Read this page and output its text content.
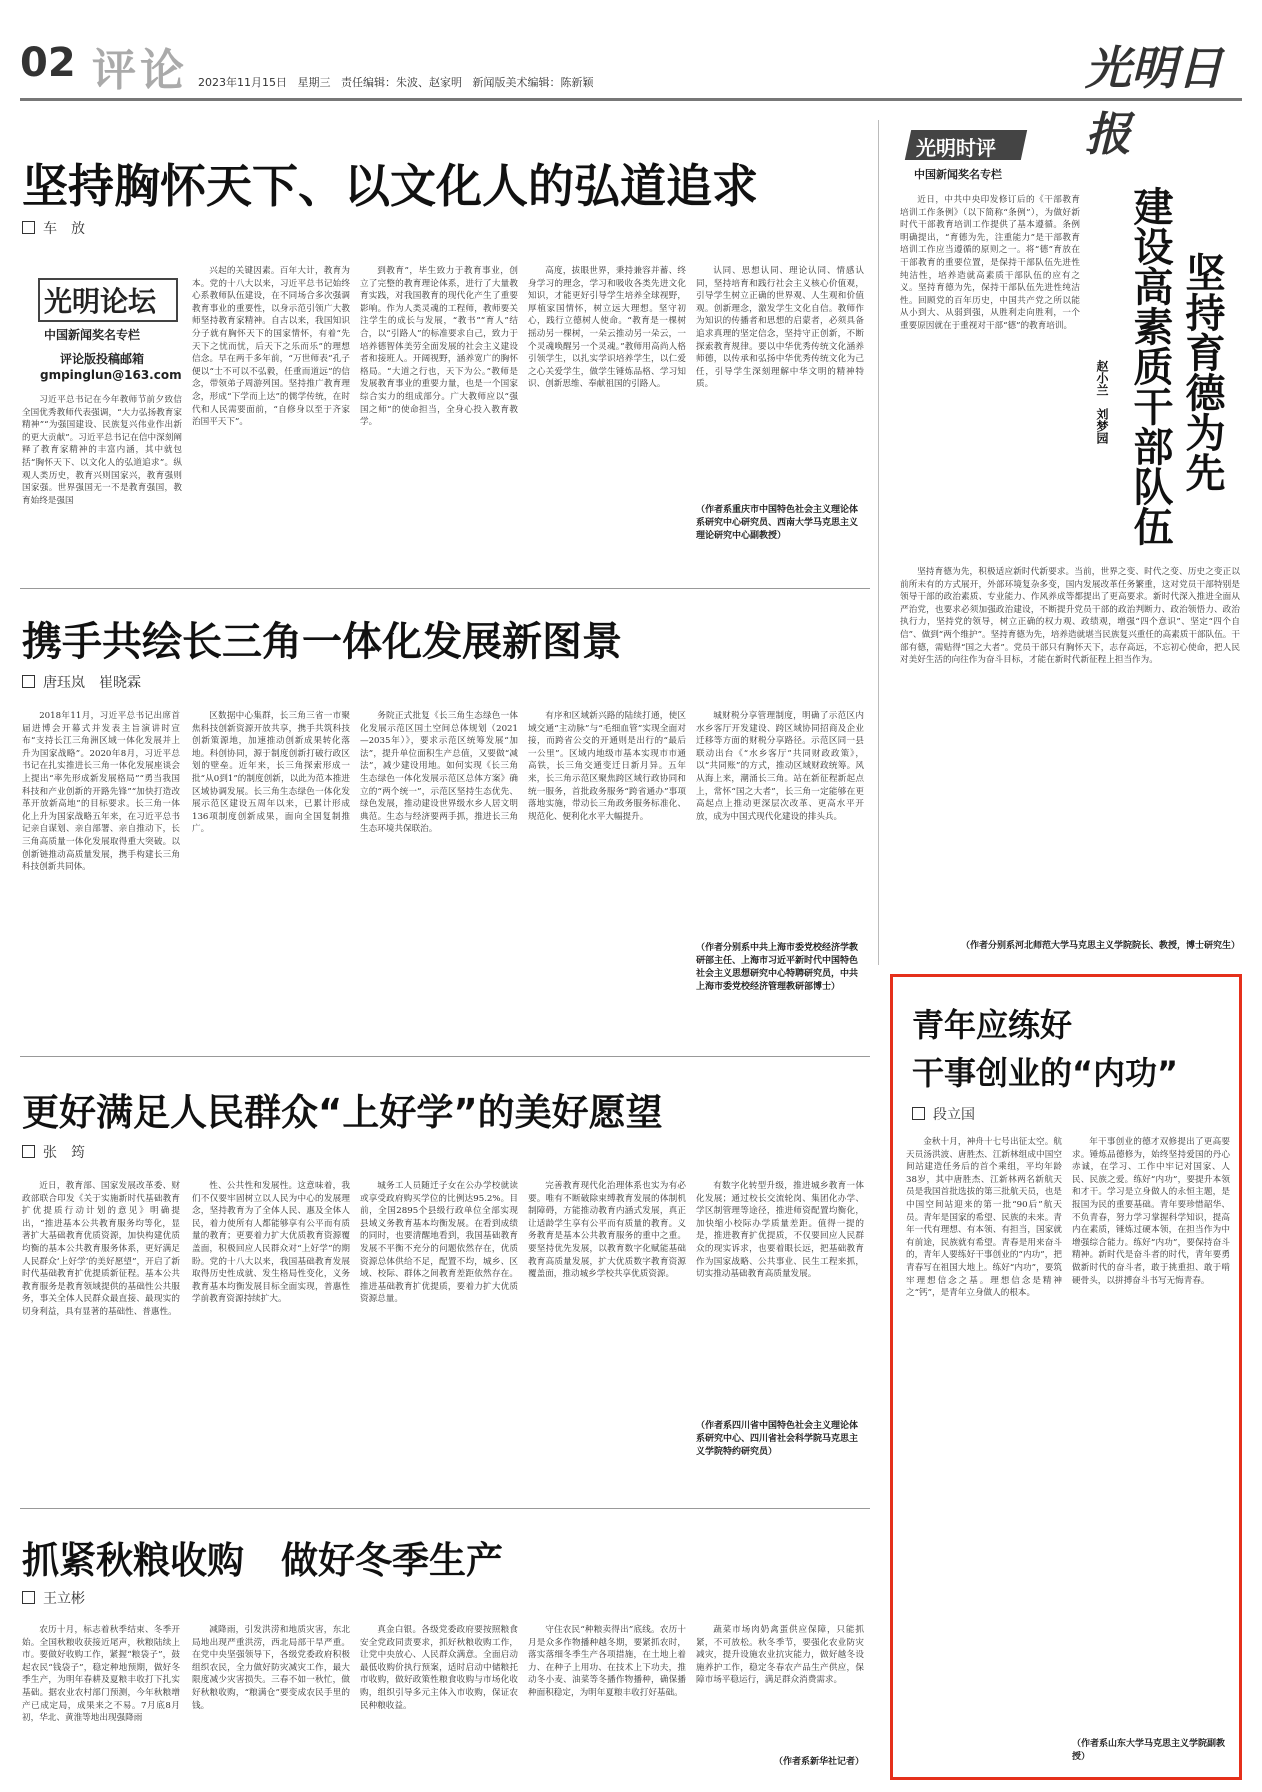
02 评论 2023年11月15日 星期三 责任编辑：朱波、赵家明 新闻版美术编辑：陈新颖	光明日报
坚持胸怀天下、以文化人的弘道追求
车　放
光明论坛
中国新闻奖名专栏
评论版投稿邮箱
gmpinglun@163.com

习近平总书记在今年教师节前夕致信全国优秀教师代表强调，“大力弘扬教育家精神”“为强国建设、民族复兴伟业作出新的更大贡献”。习近平总书记在信中深刻阐释了教育家精神的丰富内涵，其中就包括“胸怀天下、以文化人的弘道追求”。纵观人类历史，教育兴则国家兴，教育强则国家强。世界强国无一不是教育强国，教育始终是强国

兴起的关键因素。百年大计，教育为本。党的十八大以来，习近平总书记始终心系教师队伍建设，在不同场合多次强调教育事业的重要性，以身示范引领广大教师坚持教育家精神。自古以来，我国知识分子就有胸怀天下的国家情怀，有着“先天下之忧而忧，后天下之乐而乐”的理想信念。早在两千多年前，“万世师表”孔子便以“士不可以不弘毅，任重而道远”的信念，带领弟子周游列国。坚持推广教育理念，形成“下学而上达”的儒学传统，在时代和人民需要面前，“自修身以至于齐家治国平天下”。

到教育”，毕生致力于教育事业，创立了完整的教育理论体系，进行了大量教育实践，对我国教育的现代化产生了重要影响。作为人类灵魂的工程师，教师要关注学生的成长与发展，“教书”“育人”结合，以“引路人”的标准要求自己，致力于培养德智体美劳全面发展的社会主义建设者和接班人。开阔视野，涵养宽广的胸怀格局。“大道之行也，天下为公。”教师是发展教育事业的重要力量，也是一个国家综合实力的组成部分。广大教师应以“强国之师”的使命担当，全身心投入教育教学。

高度，拔眼世界，秉持兼容并蓄、终身学习的理念，学习和吸收各类先进文化知识，才能更好引导学生培养全球视野，厚植家国情怀，树立远大理想。坚守初心，践行立德树人使命。“教育是一棵树摇动另一棵树，一朵云推动另一朵云，一个灵魂唤醒另一个灵魂。”教师用高尚人格引领学生，以扎实学识培养学生，以仁爱之心关爱学生，做学生锤炼品格、学习知识、创新思维、奉献祖国的引路人。

认同、思想认同、理论认同、情感认同，坚持培育和践行社会主义核心价值观，引导学生树立正确的世界观、人生观和价值观。创新理念，激发学生文化自信。教师作为知识的传播者和思想的启蒙者，必须具备追求真理的坚定信念，坚持守正创新，不断探索教育规律。要以中华优秀传统文化涵养师德，以传承和弘扬中华优秀传统文化为己任，引导学生深刻理解中华文明的精神特质。

（作者系重庆市中国特色社会主义理论体系研究中心研究员、西南大学马克思主义理论研究中心副教授）
光明时评
中国新闻奖名专栏
坚持育德为先
建设高素质干部队伍
赵小兰　刘梦园

近日，中共中央印发修订后的《干部教育培训工作条例》（以下简称“条例”），为做好新时代干部教育培训工作提供了基本遵循。条例明确提出，“育德为先，注重能力”是干部教育培训工作应当遵循的原则之一。将“德”育放在干部教育的重要位置，是保持干部队伍先进性纯洁性，培养造就高素质干部队伍的应有之义。坚持育德为先，保持干部队伍先进性纯洁性。回顾党的百年历史，中国共产党之所以能从小到大、从弱到强，从胜利走向胜利，一个重要原因就在于重视对干部“德”的教育培训。

坚持育德为先，积极适应新时代新要求。当前，世界之变、时代之变、历史之变正以前所未有的方式展开，外部环境复杂多变，国内发展改革任务繁重，这对党员干部特别是领导干部的政治素质、专业能力、作风养成等都提出了更高要求。新时代深入推进全面从严治党，也要求必须加强政治建设，不断提升党员干部的政治判断力、政治领悟力、政治执行力，坚持党的领导，树立正确的权力观、政绩观，增强“四个意识”、坚定“四个自信”、做到“两个维护”。坚持育德为先，培养造就堪当民族复兴重任的高素质干部队伍。干部有德，需贴得“国之大者”。党员干部只有胸怀天下，志存高远，不忘初心使命，把人民对美好生活的向往作为奋斗目标，才能在新时代新征程上担当作为。

（作者分别系河北师范大学马克思主义学院院长、教授，博士研究生）
携手共绘长三角一体化发展新图景
唐珏岚　崔晓霖

2018年11月，习近平总书记出席首届进博会开幕式并发表主旨演讲时宣布“支持长江三角洲区域一体化发展并上升为国家战略”。2020年8月，习近平总书记在扎实推进长三角一体化发展座谈会上提出“率先形成新发展格局”“勇当我国科技和产业创新的开路先锋”“加快打造改革开放新高地”的目标要求。长三角一体化上升为国家战略五年来，在习近平总书记亲自谋划、亲自部署、亲自推动下，长三角高质量一体化发展取得重大突破。以创新链推动高质量发展，携手构建长三角科技创新共同体。

区数据中心集群，长三角三省一市聚焦科技创新资源开放共享，携手共筑科技创新策源地，加速推动创新成果转化落地。科创协同，源于制度创新打破行政区划的壁垒。近年来，长三角探索形成一批“从0到1”的制度创新，以此为范本推进区域协调发展。长三角生态绿色一体化发展示范区建设五周年以来，已累计形成136项制度创新成果，面向全国复制推广。

务院正式批复《长三角生态绿色一体化发展示范区国土空间总体规划（2021—2035年）》，要求示范区统筹发展“加法”，提升单位面积生产总值，又要做“减法”，减少建设用地。如何实现《长三角生态绿色一体化发展示范区总体方案》确立的“两个统一”，示范区坚持生态优先、绿色发展，推动建设世界级水乡人居文明典范。生态与经济要两手抓，推进长三角生态环境共保联治。

有序和区域新兴路的陆续打通，使区域交通“主动脉”与“毛细血管”实现全面对接，而跨省公交的开通则是出行的“最后一公里”。区域内地级市基本实现市市通高铁，长三角交通变迁日新月异。五年来，长三角示范区聚焦跨区域行政协同和统一服务，首批政务服务“跨省通办”事项落地实施，带动长三角政务服务标准化、规范化、便利化水平大幅提升。

城财税分享管理制度，明确了示范区内水乡客厅开发建设、跨区域协同招商及企业迁移等方面的财税分享路径。示范区同一县联动出台《“水乡客厅”共同财政政策》，以“共同账”的方式，推动区域财政统筹。风从海上来，潮涌长三角。站在新征程新起点上，常怀“国之大者”，长三角一定能够在更高起点上推动更深层次改革、更高水平开放，成为中国式现代化建设的排头兵。

（作者分别系中共上海市委党校经济学教研部主任、上海市习近平新时代中国特色社会主义思想研究中心特聘研究员，中共上海市委党校经济管理教研部博士）
更好满足人民群众“上好学”的美好愿望
张　筠

近日，教育部、国家发展改革委、财政部联合印发《关于实施新时代基础教育扩优提质行动计划的意见》明确提出，“推进基本公共教育服务均等化，显著扩大基础教育优质资源，加快构建优质均衡的基本公共教育服务体系，更好满足人民群众‘上好学’的美好愿望”，开启了新时代基础教育扩优提质新征程。基本公共教育服务是教育领域提供的基础性公共服务，事关全体人民群众最直接、最现实的切身利益，具有显著的基础性、普惠性。

性、公共性和发展性。这意味着，我们不仅要牢固树立以人民为中心的发展理念，坚持教育为了全体人民、惠及全体人民，着力使所有人都能够享有公平而有质量的教育；更要着力扩大优质教育资源覆盖面，积极回应人民群众对“上好学”的期盼。党的十八大以来，我国基础教育发展取得历史性成就、发生格局性变化，义务教育基本均衡发展目标全面实现，普惠性学前教育资源持续扩大。

城务工人员随迁子女在公办学校就读或享受政府购买学位的比例达95.2%。目前，全国2895个县级行政单位全部实现县域义务教育基本均衡发展。在看到成绩的同时，也要清醒地看到，我国基础教育发展不平衡不充分的问题依然存在，优质资源总体供给不足，配置不均，城乡、区域、校际、群体之间教育差距依然存在。推进基础教育扩优提质，要着力扩大优质资源总量。

完善教育现代化治理体系也实为有必要。唯有不断破除束缚教育发展的体制机制障碍，方能推动教育内涵式发展，真正让适龄学生享有公平而有质量的教育。义务教育是基本公共教育服务的重中之重。要坚持优先发展，以教育数字化赋能基础教育高质量发展，扩大优质数字教育资源覆盖面，推动城乡学校共享优质资源。

有数字化转型升级，推进城乡教育一体化发展；通过校长交流轮岗、集团化办学、学区制管理等途径，推进师资配置均衡化，加快缩小校际办学质量差距。值得一提的是，推进教育扩优提质，不仅要回应人民群众的现实诉求，也要着眼长远，把基础教育作为国家战略、公共事业、民生工程来抓，切实推动基础教育高质量发展。

（作者系四川省中国特色社会主义理论体系研究中心、四川省社会科学院马克思主义学院特约研究员）
抓紧秋粮收购　做好冬季生产
王立彬

农历十月，标志着秋季结束、冬季开始。全国秋粮收获接近尾声，秋粮陆续上市。要做好收购工作，紧握“粮袋子”，鼓起农民“钱袋子”，稳定种地预期，做好冬季生产，为明年春耕及夏粮丰收打下扎实基础。据农业农村部门预测，今年秋粮增产已成定局，成果来之不易。7月底8月初，华北、黄淮等地出现强降雨

减降雨，引发洪涝和地质灾害，东北局地出现严重洪涝，西北局部干旱严重。在党中央坚强领导下，各级党委政府积极组织农民，全力做好防灾减灾工作，最大限度减少灾害损失。三春不如一秋忙，做好秋粮收购，“粮满仓”要变成农民手里的钱。

真金白银。各级党委政府要按照粮食安全党政同责要求，抓好秋粮收购工作，让党中央放心、人民群众满意。全面启动最低收购价执行预案，适时启动中储粮托市收购，做好政策性粮食收购与市场化收购，组织引导多元主体入市收购，保证农民种粮收益。

守住农民“种粮卖得出”底线。农历十月是众多作物播种越冬期，要紧抓农时，落实落细冬季生产各项措施，在土地上着力、在种子上用功、在技术上下功夫，推动冬小麦、油菜等冬播作物播种，确保播种面积稳定，为明年夏粮丰收打好基础。

蔬菜市场肉奶禽蛋供应保障，只能抓紧，不可放松。秋冬季节，要强化农业防灾减灾，提升设施农业抗灾能力，做好越冬设施养护工作，稳定冬春农产品生产供应，保障市场平稳运行，满足群众消费需求。

（作者系新华社记者）
青年应练好
干事创业的“内功”
段立国

金秋十月，神舟十七号出征太空。航天员汤洪波、唐胜杰、江新林组成中国空间站建造任务后的首个乘组，平均年龄38岁，其中唐胜杰、江新林两名新航天员是我国首批选拔的第三批航天员，也是中国空间站迎来的第一批“90后”航天员。青年是国家的希望、民族的未来。青年一代有理想、有本领、有担当，国家就有前途，民族就有希望。青春是用来奋斗的，青年人要练好干事创业的“内功”，把青春写在祖国大地上。练好“内功”，要筑牢理想信念之基。理想信念是精神之“钙”，是青年立身做人的根本。

年干事创业的德才双修提出了更高要求。锤炼品德修为，始终坚持爱国的丹心赤诚，在学习、工作中牢记对国家、人民、民族之爱。练好“内功”，要提升本领和才干。学习是立身做人的永恒主题，是报国为民的重要基础。青年要珍惜韶华、不负青春，努力学习掌握科学知识，提高内在素质，锤炼过硬本领，在担当作为中增强综合能力。练好“内功”，要保持奋斗精神。新时代是奋斗者的时代，青年要勇做新时代的奋斗者，敢于挑重担、敢于啃硬骨头，以拼搏奋斗书写无悔青春。

（作者系山东大学马克思主义学院副教授）
